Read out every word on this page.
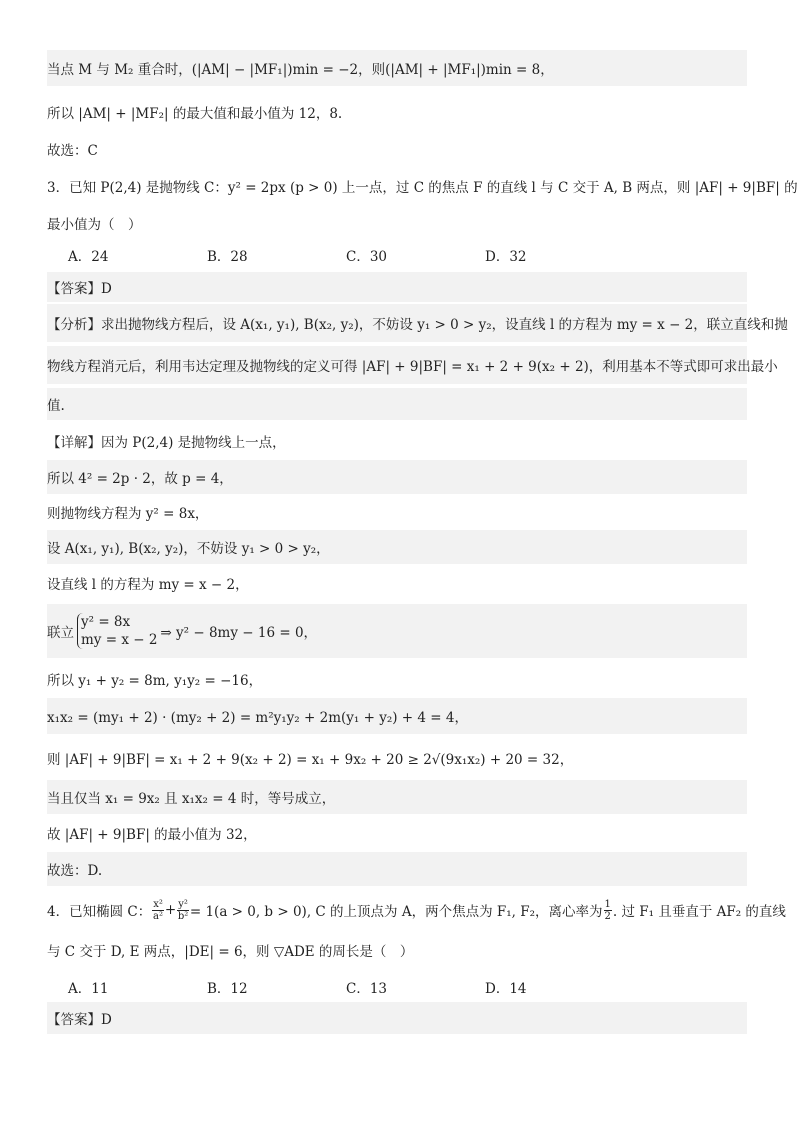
当点 M 与 M₂ 重合时，(|AM| − |MF₁|)min = −2，则(|AM| + |MF₁|)min = 8，
所以 |AM| + |MF₂| 的最大值和最小值为 12，8.
故选：C
3．已知 P(2,4) 是抛物线 C：y² = 2px (p > 0) 上一点，过 C 的焦点 F 的直线 l 与 C 交于 A, B 两点，则 |AF| + 9|BF| 的
最小值为（　）
A．24	B．28	C．30	D．32
【答案】D
【分析】求出抛物线方程后，设 A(x₁, y₁), B(x₂, y₂)，不妨设 y₁ > 0 > y₂，设直线 l 的方程为 my = x − 2，联立直线和抛
物线方程消元后，利用韦达定理及抛物线的定义可得 |AF| + 9|BF| = x₁ + 2 + 9(x₂ + 2)，利用基本不等式即可求出最小
值.
【详解】因为 P(2,4) 是抛物线上一点，
所以 4² = 2p · 2，故 p = 4，
则抛物线方程为 y² = 8x，
设 A(x₁, y₁), B(x₂, y₂)，不妨设 y₁ > 0 > y₂，
设直线 l 的方程为 my = x − 2，
联立
y² = 8x
my = x − 2 ⇒ y² − 8my − 16 = 0，
所以 y₁ + y₂ = 8m, y₁y₂ = −16，
x₁x₂ = (my₁ + 2) · (my₂ + 2) = m²y₁y₂ + 2m(y₁ + y₂) + 4 = 4，
则 |AF| + 9|BF| = x₁ + 2 + 9(x₂ + 2) = x₁ + 9x₂ + 20 ≥ 2√(9x₁x₂) + 20 = 32，
当且仅当 x₁ = 9x₂ 且 x₁x₂ = 4 时，等号成立，
故 |AF| + 9|BF| 的最小值为 32，
故选：D.
4．已知椭圆 C： $\frac{\text{x²}}{\text{a²}} + \frac{\text{y²}}{\text{b²}} = 1(a > 0$, b > 0), C 的上顶点为 A，两个焦点为 F₁, F₂，离心率为 $\frac{1}{2}$ . 过 F₁ 且垂直于 AF₂ 的直线
与 C 交于 D, E 两点，|DE| = 6，则 ▽ADE 的周长是（　）
A．11	B．12	C．13	D．14
【答案】D
